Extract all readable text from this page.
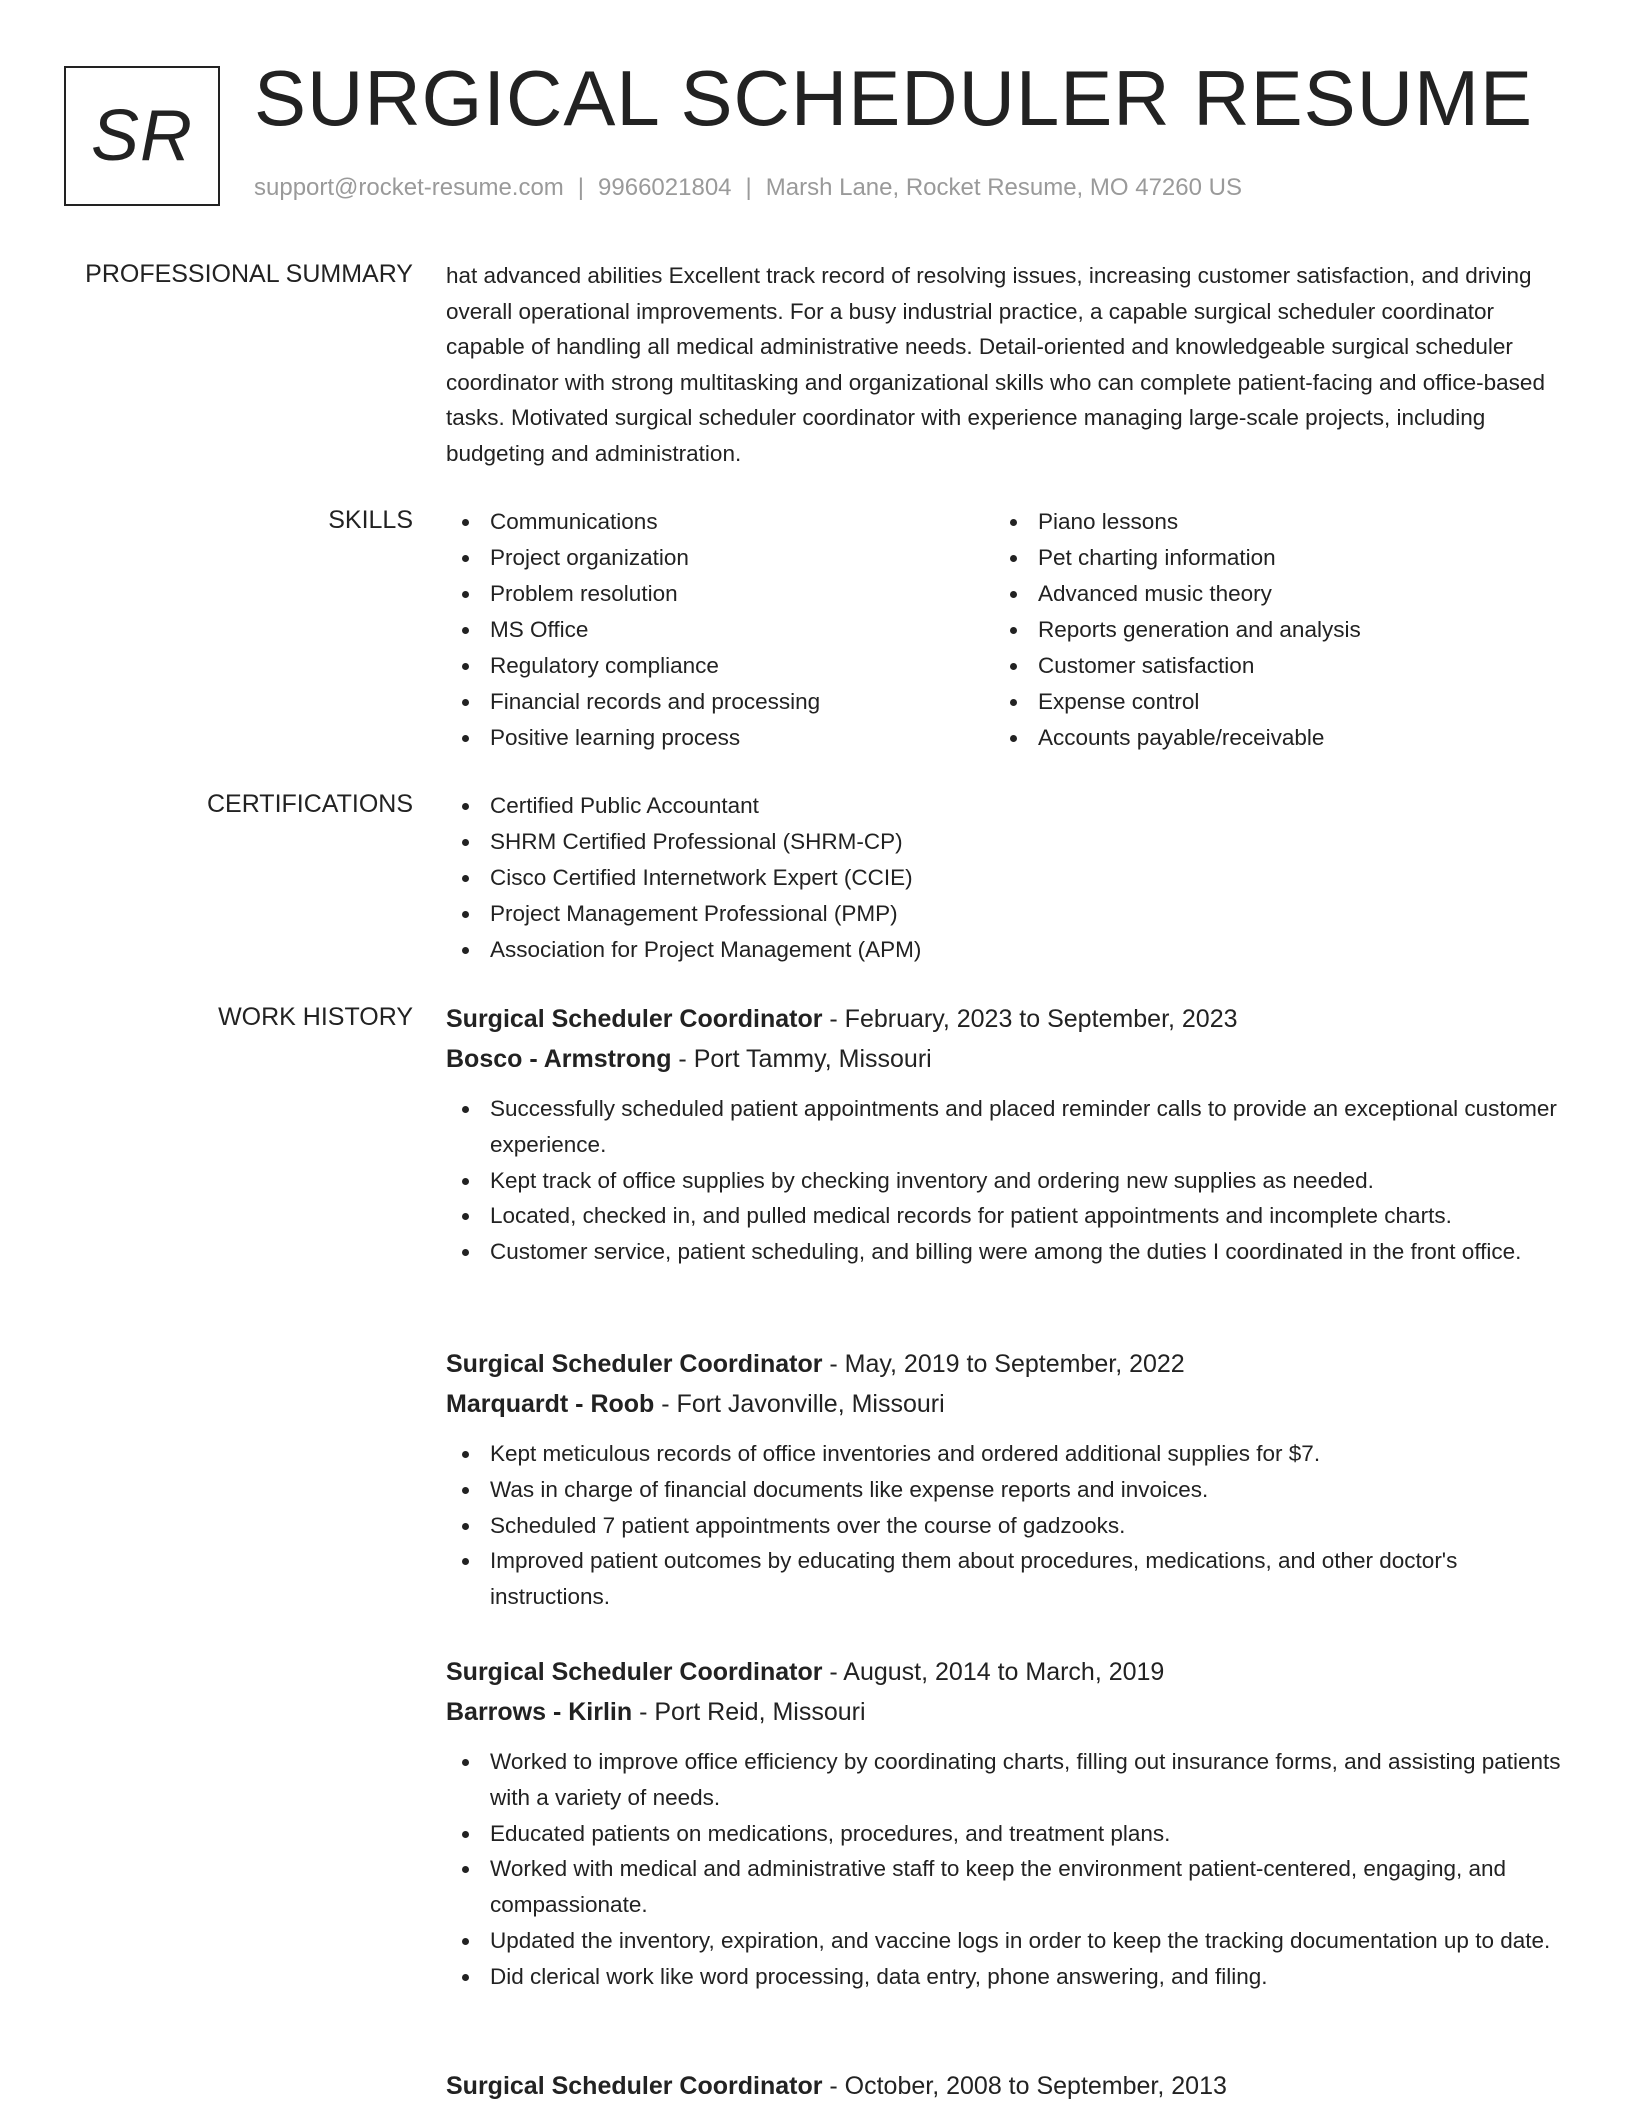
SR SURGICAL SCHEDULER RESUME
support@rocket-resume.com | 9966021804 | Marsh Lane, Rocket Resume, MO 47260 US
PROFESSIONAL SUMMARY hat advanced abilities Excellent track record of resolving issues, increasing customer satisfaction, and driving overall operational improvements. For a busy industrial practice, a capable surgical scheduler coordinator capable of handling all medical administrative needs. Detail-oriented and knowledgeable surgical scheduler coordinator with strong multitasking and organizational skills who can complete patient-facing and office-based tasks. Motivated surgical scheduler coordinator with experience managing large-scale projects, including budgeting and administration.

SKILLS	Communications
Project organization
Problem resolution
MS Office
Regulatory compliance
Financial records and processing
Positive learning process
Piano lessons
Pet charting information
Advanced music theory
Reports generation and analysis
Customer satisfaction
Expense control
Accounts payable/receivable
CERTIFICATIONS	Certified Public Accountant
SHRM Certified Professional (SHRM-CP)
Cisco Certified Internetwork Expert (CCIE)
Project Management Professional (PMP)
Association for Project Management (APM)
WORK HISTORY Surgical Scheduler Coordinator - February, 2023 to September, 2023
Bosco - Armstrong - Port Tammy, Missouri
Successfully scheduled patient appointments and placed reminder calls to provide an exceptional customer experience.
Kept track of office supplies by checking inventory and ordering new supplies as needed.
Located, checked in, and pulled medical records for patient appointments and incomplete charts.
Customer service, patient scheduling, and billing were among the duties I coordinated in the front office.
Surgical Scheduler Coordinator - May, 2019 to September, 2022
Marquardt - Roob - Fort Javonville, Missouri
Kept meticulous records of office inventories and ordered additional supplies for $7.
Was in charge of financial documents like expense reports and invoices.
Scheduled 7 patient appointments over the course of gadzooks.
Improved patient outcomes by educating them about procedures, medications, and other doctor's instructions.
Surgical Scheduler Coordinator - August, 2014 to March, 2019
Barrows - Kirlin - Port Reid, Missouri
Worked to improve office efficiency by coordinating charts, filling out insurance forms, and assisting patients with a variety of needs.
Educated patients on medications, procedures, and treatment plans.
Worked with medical and administrative staff to keep the environment patient-centered, engaging, and compassionate.
Updated the inventory, expiration, and vaccine logs in order to keep the tracking documentation up to date.
Did clerical work like word processing, data entry, phone answering, and filing.
Surgical Scheduler Coordinator - October, 2008 to September, 2013
